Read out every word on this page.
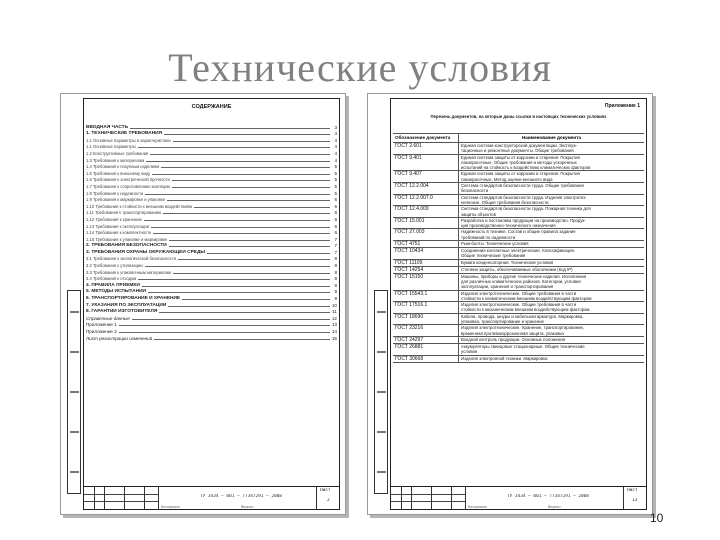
Технические условия
СОДЕРЖАНИЕ
ВВОДНАЯ ЧАСТЬ	3
1. ТЕХНИЧЕСКИЕ ТРЕБОВАНИЯ	4
1.1 Основные параметры и характеристики	4
1.1 Основные параметры	4
1.2 Конструктивные требования	4
1.3 Требования к материалам	4
1.4 Требования к покупным изделиям	5
1.5 Требования к внешнему виду	5
1.6 Требования к электрической прочности	5
1.7 Требования к сопротивлению изоляции	5
1.8 Требования к надежности	5
1.9 Требования к маркировке и упаковке	6
1.10 Требования к стойкости к внешним воздействиям	6
1.11 Требования к транспортированию	6
1.12 Требования к хранению	6
1.13 Требования к эксплуатации	6
1.14 Требования к комплектности	6
1.15 Требования к упаковке и маркировке	7
2. ТРЕБОВАНИЯ БЕЗОПАСНОСТИ	7
3. ТРЕБОВАНИЯ ОХРАНЫ ОКРУЖАЮЩЕЙ СРЕДЫ	7
3.1 Требования к экологической безопасности	8
3.2 Требования к утилизации	8
3.3 Требования к упаковочным материалам	8
3.4 Требования к отходам	8
4. ПРАВИЛА ПРИЕМКИ	8
5. МЕТОДЫ ИСПЫТАНИЙ	9
6. ТРАНСПОРТИРОВАНИЕ И ХРАНЕНИЕ	9
7. УКАЗАНИЯ ПО ЭКСПЛУАТАЦИИ	10
8. ГАРАНТИИ ИЗГОТОВИТЕЛЯ	11
Справочные данные	12
Приложение 1	13
Приложение 2	14
Лист регистрации изменений	15
ТУ 3434 – 001 – 77347291 – 2008
Лист
2
Копировал	Формат
Приложение 1
Перечень документов, на которые даны ссылки в настоящих технических условиях
Обозначение документа	Наименование документа
ГОСТ 2.601	Единая система конструкторской документации. Эксплуа-
тационные и ремонтные документы. Общие требования
ГОСТ 9.401	Единая система защиты от коррозии и старения. Покрытия
лакокрасочные. Общие требования и методы ускоренных
испытаний на стойкость к воздействию климатических факторов
ГОСТ 9.407	Единая система защиты от коррозии и старения. Покрытия
лакокрасочные. Метод оценки внешнего вида
ГОСТ 12.2.004	Система стандартов безопасности труда. Общие требования
безопасности
ГОСТ 12.2.007.0	Система стандартов безопасности труда. Изделия электротех-
нические. Общие требования безопасности
ГОСТ 12.4.009	Система стандартов безопасности труда. Пожарная техника для
защиты объектов
ГОСТ 15.001	Разработка и постановка продукции на производство. Продук-
ция производственно-технического назначения
ГОСТ 27.003	Надежность в технике. Состав и общие правила задания
требований по надежности
ГОСТ 4751	Рым-болты. Технические условия
ГОСТ 10434	Соединения контактные электрические. Классификация.
Общие технические требования
ГОСТ 11109	Бумага конденсаторная. Технические условия
ГОСТ 14254	Степени защиты, обеспечиваемые оболочками (Код IP)
ГОСТ 15150	Машины, приборы и другие технические изделия. Исполнения
для различных климатических районов. Категории, условия
эксплуатации, хранения и транспортирования
ГОСТ 15543.1	Изделия электротехнические. Общие требования в части
стойкости к климатическим внешним воздействующим факторам
ГОСТ 17516.1	Изделия электротехнические. Общие требования в части
стойкости к механическим внешним воздействующим факторам
ГОСТ 18690	Кабели, провода, шнуры и кабельная арматура. Маркировка,
упаковка, транспортирование и хранение
ГОСТ 23216	Изделия электротехнические. Хранение, транспортирование,
временная противокоррозионная защита, упаковка
ГОСТ 24297	Входной контроль продукции. Основные положения
ГОСТ 26881	Аккумуляторы свинцовые стационарные. Общие технические
условия
ГОСТ 30668	Изделия электронной техники. Маркировка
ТУ 3434 – 001 – 77347291 – 2008
Лист
13
Копировал	Формат
10
